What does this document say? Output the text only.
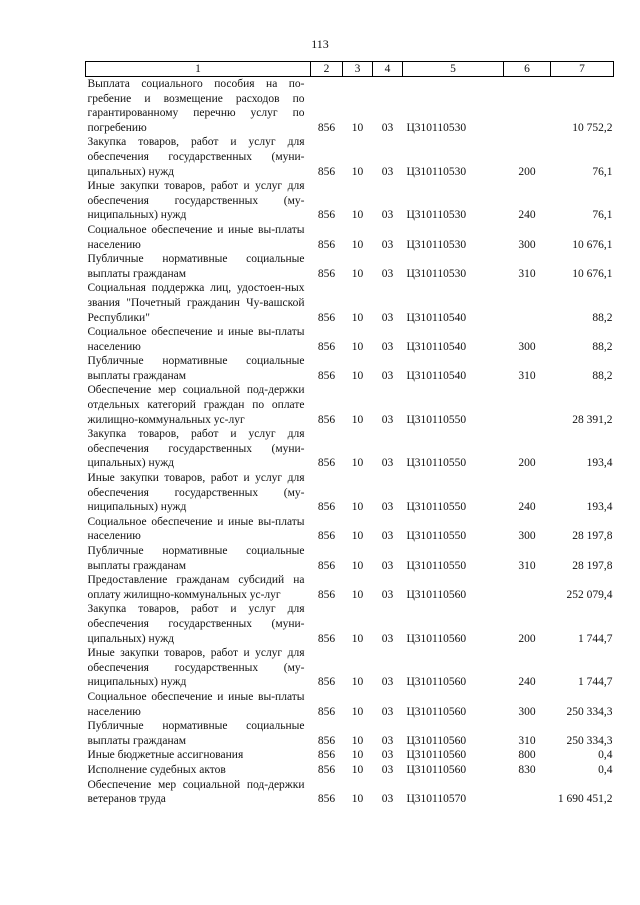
113
1	2	3	4	5	6	7
Выплата социального пособия на по-гребение и возмещение расходов по гарантированному перечню услуг по погребению	856	10	03	Ц310110530		10 752,2
Закупка товаров, работ и услуг для обеспечения государственных (муни-ципальных) нужд	856	10	03	Ц310110530	200	76,1
Иные закупки товаров, работ и услуг для обеспечения государственных (му-ниципальных) нужд	856	10	03	Ц310110530	240	76,1
Социальное обеспечение и иные вы-платы населению	856	10	03	Ц310110530	300	10 676,1
Публичные нормативные социальные выплаты гражданам	856	10	03	Ц310110530	310	10 676,1
Социальная поддержка лиц, удостоен-ных звания "Почетный гражданин Чу-вашской Республики"	856	10	03	Ц310110540		88,2
Социальное обеспечение и иные вы-платы населению	856	10	03	Ц310110540	300	88,2
Публичные нормативные социальные выплаты гражданам	856	10	03	Ц310110540	310	88,2
Обеспечение мер социальной под-держки отдельных категорий граждан по оплате жилищно-коммунальных ус-луг	856	10	03	Ц310110550		28 391,2
Закупка товаров, работ и услуг для обеспечения государственных (муни-ципальных) нужд	856	10	03	Ц310110550	200	193,4
Иные закупки товаров, работ и услуг для обеспечения государственных (му-ниципальных) нужд	856	10	03	Ц310110550	240	193,4
Социальное обеспечение и иные вы-платы населению	856	10	03	Ц310110550	300	28 197,8
Публичные нормативные социальные выплаты гражданам	856	10	03	Ц310110550	310	28 197,8
Предоставление гражданам субсидий на оплату жилищно-коммунальных ус-луг	856	10	03	Ц310110560		252 079,4
Закупка товаров, работ и услуг для обеспечения государственных (муни-ципальных) нужд	856	10	03	Ц310110560	200	1 744,7
Иные закупки товаров, работ и услуг для обеспечения государственных (му-ниципальных) нужд	856	10	03	Ц310110560	240	1 744,7
Социальное обеспечение и иные вы-платы населению	856	10	03	Ц310110560	300	250 334,3
Публичные нормативные социальные выплаты гражданам	856	10	03	Ц310110560	310	250 334,3
Иные бюджетные ассигнования	856	10	03	Ц310110560	800	0,4
Исполнение судебных актов	856	10	03	Ц310110560	830	0,4
Обеспечение мер социальной под-держки ветеранов труда	856	10	03	Ц310110570		1 690 451,2
